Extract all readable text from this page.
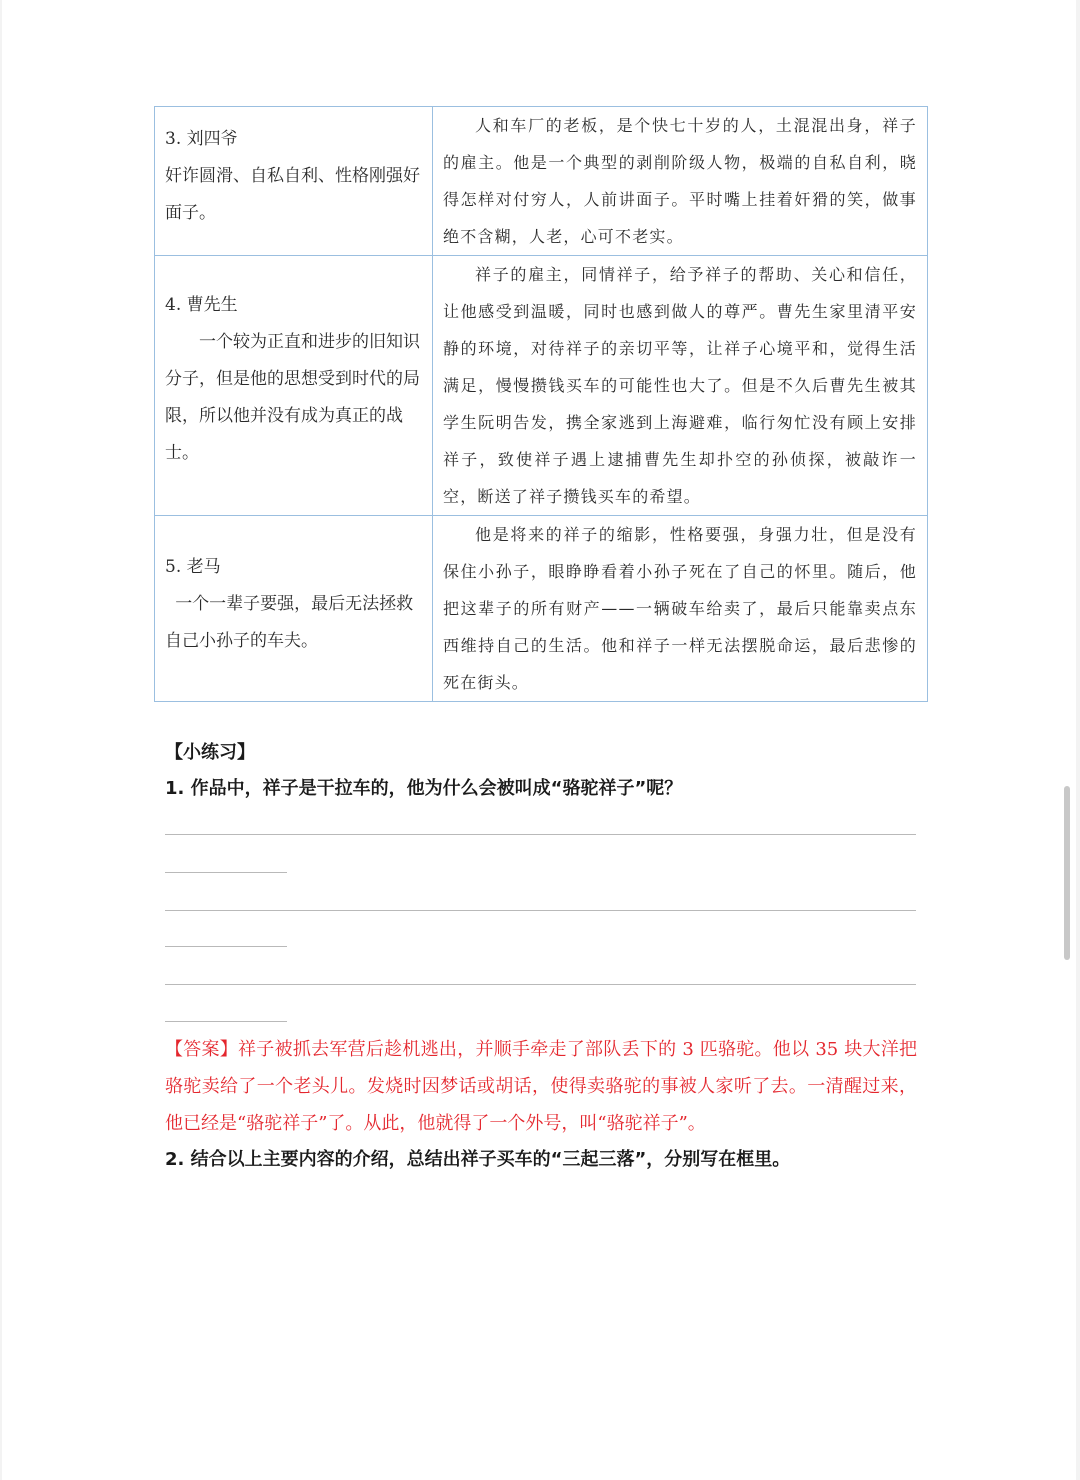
3. 刘四爷

奸诈圆滑、自私自利、性格刚强好面子。	人和车厂的老板，是个快七十岁的人，土混混出身，祥子的雇主。他是一个典型的剥削阶级人物，极端的自私自利，晓得怎样对付穷人，人前讲面子。平时嘴上挂着奸猾的笑，做事绝不含糊，人老，心可不老实。

4. 曹先生

一个较为正直和进步的旧知识分子，但是他的思想受到时代的局限，所以他并没有成为真正的战士。	祥子的雇主，同情祥子，给予祥子的帮助、关心和信任，让他感受到温暖，同时也感到做人的尊严。曹先生家里清平安静的环境，对待祥子的亲切平等，让祥子心境平和，觉得生活满足，慢慢攒钱买车的可能性也大了。但是不久后曹先生被其学生阮明告发，携全家逃到上海避难，临行匆忙没有顾上安排祥子，致使祥子遇上逮捕曹先生却扑空的孙侦探，被敲诈一空，断送了祥子攒钱买车的希望。

5. 老马

一个一辈子要强，最后无法拯救自己小孙子的车夫。	他是将来的祥子的缩影，性格要强，身强力壮，但是没有保住小孙子，眼睁睁看着小孙子死在了自己的怀里。随后，他把这辈子的所有财产——一辆破车给卖了，最后只能靠卖点东西维持自己的生活。他和祥子一样无法摆脱命运，最后悲惨的死在街头。

【小练习】
1. 作品中，祥子是干拉车的，他为什么会被叫成“骆驼祥子”呢？
【答案】祥子被抓去军营后趁机逃出，并顺手牵走了部队丢下的 3 匹骆驼。他以 35 块大洋把骆驼卖给了一个老头儿。发烧时因梦话或胡话，使得卖骆驼的事被人家听了去。一清醒过来，他已经是“骆驼祥子”了。从此，他就得了一个外号，叫“骆驼祥子”。
2. 结合以上主要内容的介绍，总结出祥子买车的“三起三落”，分别写在框里。
